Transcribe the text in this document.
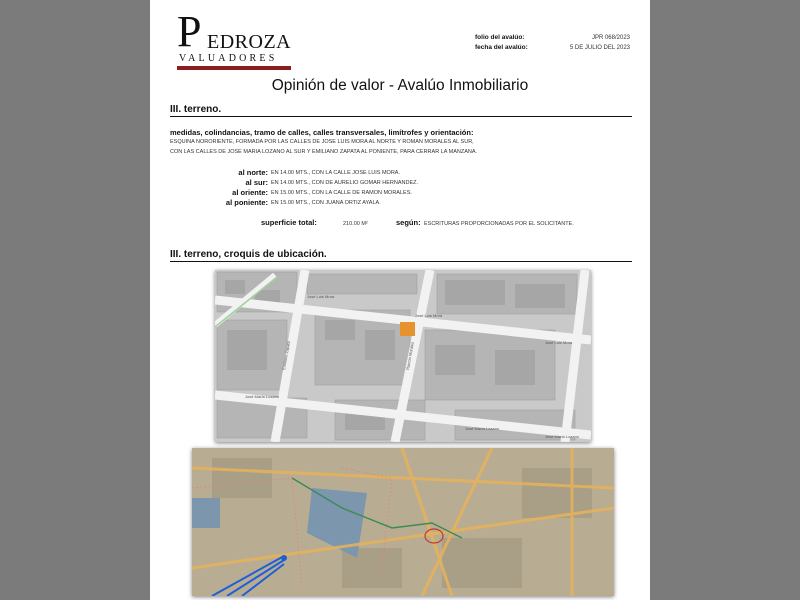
P EDROZA
VALUADORES
folio del avalúo:	JPR 068/2023
fecha del avalúo:	5 DE JULIO DEL 2023
Opinión de valor - Avalúo Inmobiliario
III. terreno.
medidas, colindancias, tramo de calles, calles transversales, limítrofes y orientación:
ESQUINA NORORIENTE, FORMADA POR LAS CALLES DE JOSE LUIS MORA AL NORTE Y ROMAN MORALES AL SUR,
CON LAS CALLES DE JOSE MARIA LOZANO AL SUR Y EMILIANO ZAPATA AL PONIENTE, PARA CERRAR LA MANZANA.
al norte: EN 14.00 MTS., CON LA CALLE JOSE LUIS MORA.
al sur: EN 14.00 MTS., CON DE AURELIO GOMAR HERNANDEZ.
al oriente: EN 15.00 MTS., CON LA CALLE DE RAMON MORALES.
al poniente: EN 15.00 MTS., CON JUANA ORTIZ AYALA.
superficie total:	210.00 M²	según: ESCRITURAS PROPORCIONADAS POR EL SOLICITANTE.
III. terreno, croquis de ubicación.
José Luis Mora
José Luis Mora
José Luis Mora
José María Lozano
José María Lozano
José María Lozano
Ramón Morales
Emiliano Zapata
